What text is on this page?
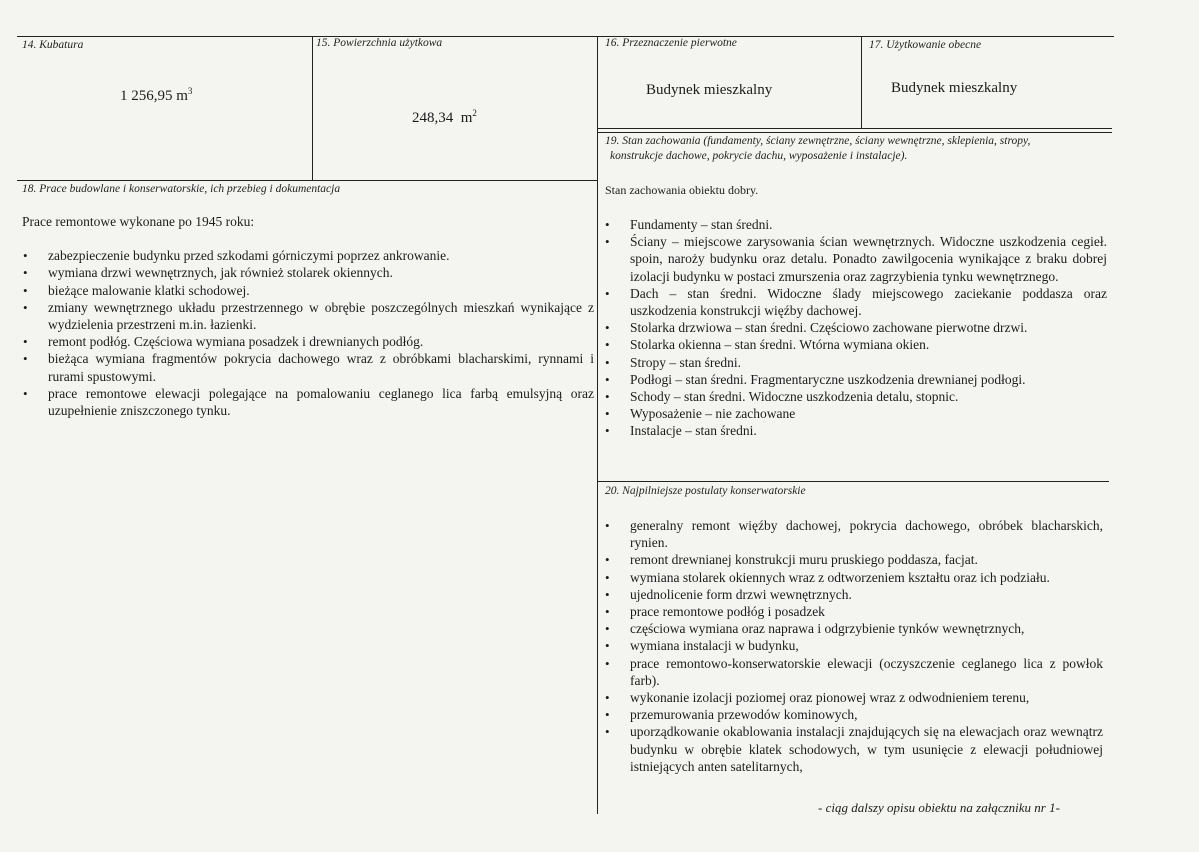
14. Kubatura
1 256,95 $m^3$
15. Powierzchnia użytkowa

248,34  $m^2$

16. Przeznaczenie pierwotne
Budynek mieszkalny
17. Użytkowanie obecne
Budynek mieszkalny
18. Prace budowlane i konserwatorskie, ich przebieg i dokumentacja
Prace remontowe wykonane po 1945 roku:
• zabezpieczenie budynku przed szkodami górniczymi poprzez ankrowanie.
• wymiana drzwi wewnętrznych, jak również stolarek okiennych.
• bieżące malowanie klatki schodowej.
• zmiany wewnętrznego układu przestrzennego w obrębie poszczególnych mieszkań wynikające z wydzielenia przestrzeni m.in. łazienki.
• remont podłóg. Częściowa wymiana posadzek i drewnianych podłóg.
• bieżąca wymiana fragmentów pokrycia dachowego wraz z obróbkami blacharskimi, rynnami i rurami spustowymi.
• prace remontowe elewacji polegające na pomalowaniu ceglanego lica farbą emulsyjną oraz uzupełnienie zniszczonego tynku.
19. Stan zachowania (fundamenty, ściany zewnętrzne, ściany wewnętrzne, sklepienia, stropy,
konstrukcje dachowe, pokrycie dachu, wyposażenie i instalacje).
Stan zachowania obiektu dobry.
• Fundamenty – stan średni.
• Ściany – miejscowe zarysowania ścian wewnętrznych. Widoczne uszkodzenia cegieł. spoin, naroży budynku oraz detalu. Ponadto zawilgocenia wynikające z braku dobrej izolacji budynku w postaci zmurszenia oraz zagrzybienia tynku wewnętrznego.
• Dach – stan średni. Widoczne ślady miejscowego zaciekanie poddasza oraz uszkodzenia konstrukcji więźby dachowej.
• Stolarka drzwiowa – stan średni. Częściowo zachowane pierwotne drzwi.
• Stolarka okienna – stan średni. Wtórna wymiana okien.
• Stropy – stan średni.
• Podłogi – stan średni. Fragmentaryczne uszkodzenia drewnianej podłogi.
• Schody – stan średni. Widoczne uszkodzenia detalu, stopnic.
• Wyposażenie – nie zachowane
• Instalacje – stan średni.
20. Najpilniejsze postulaty konserwatorskie
• generalny remont więźby dachowej, pokrycia dachowego, obróbek blacharskich, rynien.
• remont drewnianej konstrukcji muru pruskiego poddasza, facjat.
• wymiana stolarek okiennych wraz z odtworzeniem kształtu oraz ich podziału.
• ujednolicenie form drzwi wewnętrznych.
• prace remontowe podłóg i posadzek
• częściowa wymiana oraz naprawa i odgrzybienie tynków wewnętrznych,
• wymiana instalacji w budynku,
• prace remontowo-konserwatorskie elewacji (oczyszczenie ceglanego lica z powłok farb).
• wykonanie izolacji poziomej oraz pionowej wraz z odwodnieniem terenu,
• przemurowania przewodów kominowych,
• uporządkowanie okablowania instalacji znajdujących się na elewacjach oraz wewnątrz budynku w obrębie klatek schodowych, w tym usunięcie z elewacji południowej istniejących anten satelitarnych,
- ciąg dalszy opisu obiektu na załączniku nr 1-
